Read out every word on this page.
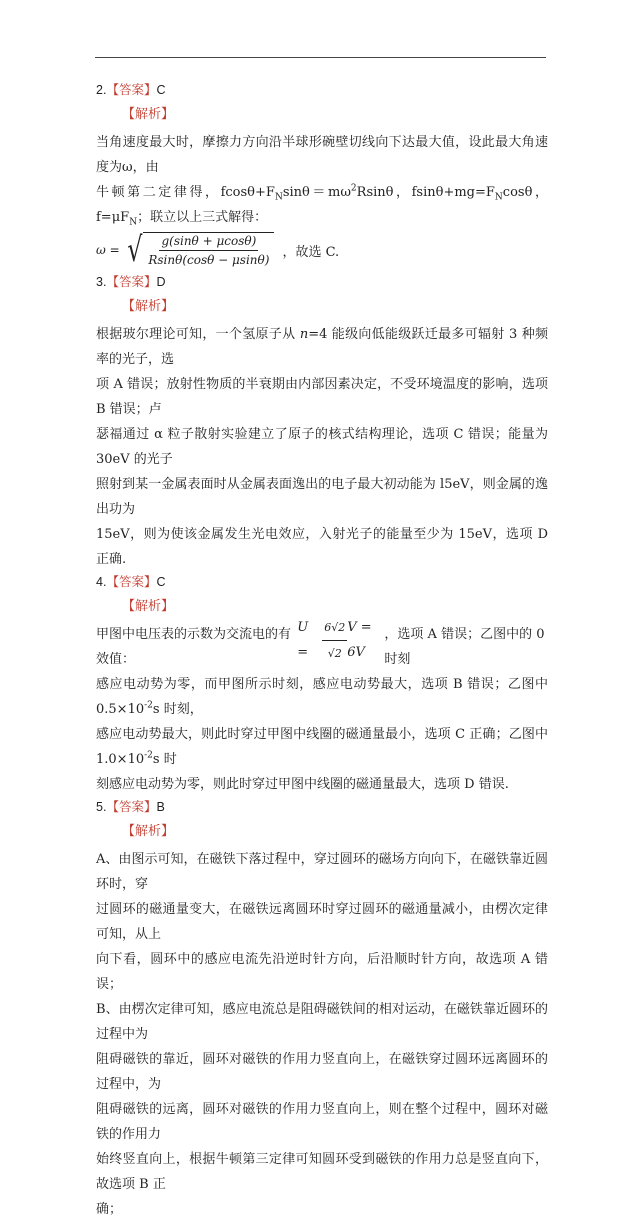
2.【答案】C

【解析】

当角速度最大时，摩擦力方向沿半球形碗壁切线向下达最大值，设此最大角速度为ω，由

牛顿第二定律得，$fcos\theta+F_N\sin\theta=m\omega^2Rsin\theta$，$fsin\theta+mg=F_N\cos\theta$，$f=\mu F_N$；联立以上三式解得：

ω = √ $\frac{g(\sin\theta + \mu\cos\theta)}{Rsin\theta(\cos\theta - \mu\sin\theta)}$ ，故选 C.

3.【答案】D

【解析】

根据玻尔理论可知，一个氢原子从 n=4 能级向低能级跃迁最多可辐射 3 种频率的光子，选

项 A 错误；放射性物质的半衰期由内部因素决定，不受环境温度的影响，选项 B 错误；卢

瑟福通过 α 粒子散射实验建立了原子的核式结构理论，选项 C 错误；能量为 30eV 的光子

照射到某一金属表面时从金属表面逸出的电子最大初动能为 l5eV，则金属的逸出功为

15eV，则为使该金属发生光电效应，入射光子的能量至少为 15eV，选项 D 正确.

4.【答案】C

【解析】
甲图中电压表的示数为交流电的有效值：
U =
	$\frac{6√2}{√2}$ V = 6V
，选项 A 错误；乙图中的 0 时刻

感应电动势为零，而甲图所示时刻，感应电动势最大，选项 B 错误；乙图中 $0.5\times 10^{-2}s$ 时刻，

感应电动势最大，则此时穿过甲图中线圈的磁通量最小，选项 C 正确；乙图中 $1.0\times 10^{-2}s$ 时

刻感应电动势为零，则此时穿过甲图中线圈的磁通量最大，选项 D 错误.

5.【答案】B

【解析】

A、由图示可知，在磁铁下落过程中，穿过圆环的磁场方向向下，在磁铁靠近圆环时，穿

过圆环的磁通量变大，在磁铁远离圆环时穿过圆环的磁通量减小，由楞次定律可知，从上

向下看，圆环中的感应电流先沿逆时针方向，后沿顺时针方向，故选项 A 错误；

B、由楞次定律可知，感应电流总是阻碍磁铁间的相对运动，在磁铁靠近圆环的过程中为

阻碍磁铁的靠近，圆环对磁铁的作用力竖直向上，在磁铁穿过圆环远离圆环的过程中，为

阻碍磁铁的远离，圆环对磁铁的作用力竖直向上，则在整个过程中，圆环对磁铁的作用力

始终竖直向上，根据牛顿第三定律可知圆环受到磁铁的作用力总是竖直向下，故选项 B 正

确；
